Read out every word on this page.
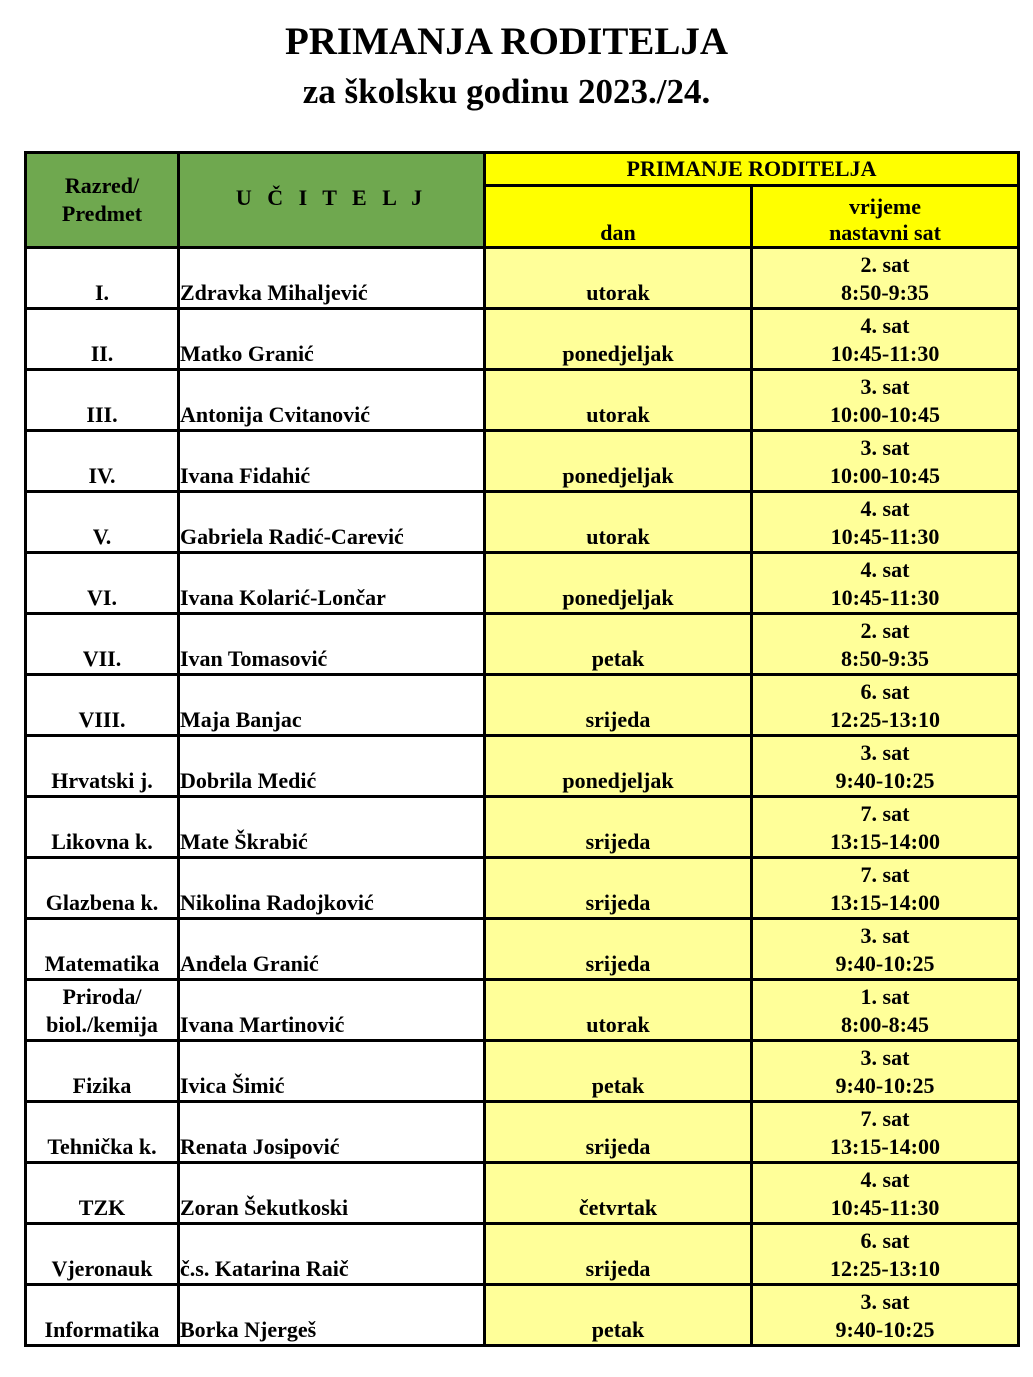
PRIMANJA RODITELJA
za školsku godinu 2023./24.
Razred/
Predmet	U Č I T E L J	PRIMANJE RODITELJA	
		dan	vrijeme
nastavni sat

I.	Zdravka Mihaljević	utorak	2. sat
8:50-9:35

II.	Matko Granić	ponedjeljak	4. sat
10:45-11:30

III.	Antonija Cvitanović	utorak	3. sat
10:00-10:45

IV.	Ivana Fidahić	ponedjeljak	3. sat
10:00-10:45

V.	Gabriela Radić-Carević	utorak	4. sat
10:45-11:30

VI.	Ivana Kolarić-Lončar	ponedjeljak	4. sat
10:45-11:30

VII.	Ivan Tomasović	petak	2. sat
8:50-9:35

VIII.	Maja Banjac	srijeda	6. sat
12:25-13:10

Hrvatski j.	Dobrila Medić	ponedjeljak	3. sat
9:40-10:25

Likovna k.	Mate Škrabić	srijeda	7. sat
13:15-14:00

Glazbena k.	Nikolina Radojković	srijeda	7. sat
13:15-14:00

Matematika	Anđela Granić	srijeda	3. sat
9:40-10:25

Priroda/
biol./kemija	Ivana Martinović	utorak	1. sat
8:00-8:45

Fizika	Ivica Šimić	petak	3. sat
9:40-10:25

Tehnička k.	Renata Josipović	srijeda	7. sat
13:15-14:00

TZK	Zoran Šekutkoski	četvrtak	4. sat
10:45-11:30

Vjeronauk	č.s. Katarina Raič	srijeda	6. sat
12:25-13:10

Informatika	Borka Njergeš	petak	3. sat
9:40-10:25
